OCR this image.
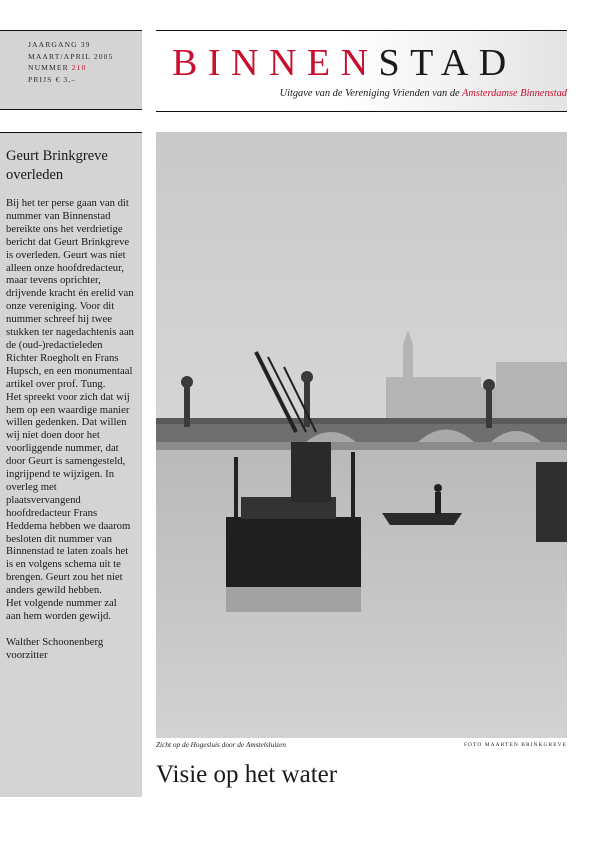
JAARGANG 39
MAART/APRIL 2005
NUMMER 210
PRIJS € 3,–	BINNENSTAD
Uitgave van de Vereniging Vrienden van de Amsterdamse Binnenstad
Geurt Brinkgreve overleden

Bij het ter perse gaan van dit nummer van Binnenstad bereikte ons het verdrietige bericht dat Geurt Brinkgreve is overleden. Geurt was niet alleen onze hoofdredacteur, maar tevens oprichter, drijvende kracht én erelid van onze vereniging. Voor dit nummer schreef hij twee stukken ter nagedachtenis aan de (oud-)redactieleden Richter Roegholt en Frans Hupsch, en een monumentaal artikel over prof. Tung.

Het spreekt voor zich dat wij hem op een waardige manier willen gedenken. Dat willen wij niet doen door het voorliggende nummer, dat door Geurt is samengesteld, ingrijpend te wijzigen. In overleg met plaatsvervangend hoofdredacteur Frans Heddema hebben we daarom besloten dit nummer van Binnenstad te laten zoals het is en volgens schema uit te brengen. Geurt zou het niet anders gewild hebben.

Het volgende nummer zal aan hem worden gewijd.

Walther Schoonenberg

voorzitter

Zicht op de Hogesluis door de Amstelsluizen	FOTO MAARTEN BRINKGREVE
Visie op het water
